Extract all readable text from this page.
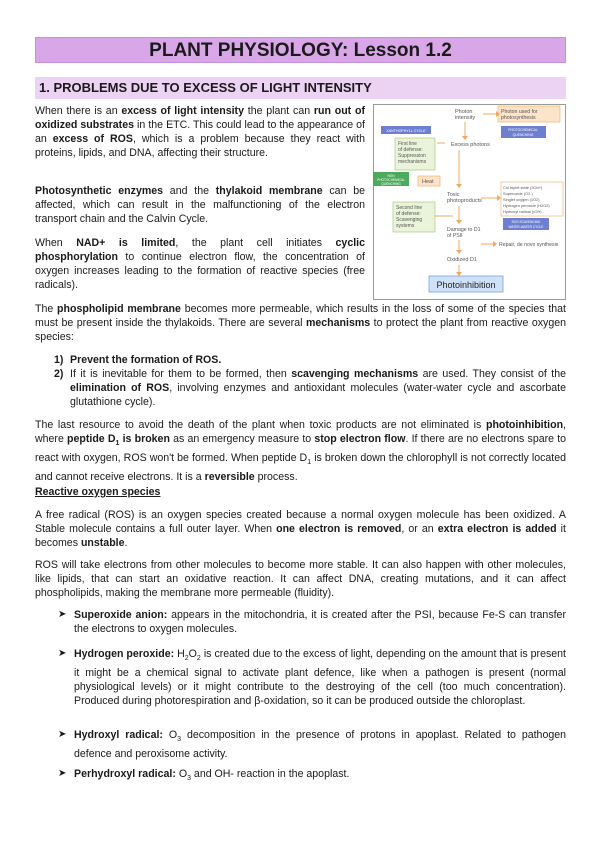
PLANT PHYSIOLOGY: Lesson 1.2
1. PROBLEMS DUE TO EXCESS OF LIGHT INTENSITY

When there is an excess of light intensity the plant can run out of oxidized substrates in the ETC. This could lead to the appearance of an excess of ROS, which is a problem because they react with proteins, lipids, and DNA, affecting their structure.

Photosynthetic enzymes and the thylakoid membrane can be affected, which can result in the malfunctioning of the electron transport chain and the Calvin Cycle.

When NAD+ is limited, the plant cell initiates cyclic phosphorylation to continue electron flow, the concentration of oxygen increases leading to the formation of reactive species (free radicals).

The phospholipid membrane becomes more permeable, which results in the loss of some of the species that must be present inside the thylakoids. There are several mechanisms to protect the plant from reactive oxygen species:

1) Prevent the formation of ROS.
2) If it is inevitable for them to be formed, then scavenging mechanisms are used. They consist of the elimination of ROS, involving enzymes and antioxidant molecules (water-water cycle and ascorbate glutathione cycle).

The last resource to avoid the death of the plant when toxic products are not eliminated is photoinhibition, where peptide $D_1$ is broken as an emergency measure to stop electron flow. If there are no electrons spare to react with oxygen, ROS won't be formed. When peptide $D_1$ is broken down the chlorophyll is not correctly located and cannot receive electrons. It is a reversible process.

Reactive oxygen species

A free radical (ROS) is an oxygen species created because a normal oxygen molecule has been oxidized. A Stable molecule contains a full outer layer. When one electron is removed, or an extra electron is added it becomes unstable.

ROS will take electrons from other molecules to become more stable. It can also happen with other molecules, like lipids, that can start an oxidative reaction. It can affect DNA, creating mutations, and it can affect phospholipids, making the membrane more permeable (fluidity).

➤ Superoxide anion: appears in the mitochondria, it is created after the PSI, because Fe-S can transfer the electrons to oxygen molecules.
➤ Hydrogen peroxide: $H_2O_2$ is created due to the excess of light, depending on the amount that is present it might be a chemical signal to activate plant defence, like when a pathogen is present (normal physiological levels) or it might contribute to the destroying of the cell (too much concentration). Produced during photorespiration and β-oxidation, so it can be produced outside the chloroplast.
➤ Hydroxyl radical: $O_3$ decomposition in the presence of protons in apoplast. Related to pathogen defence and peroxisome activity.
➤ Perhydroxyl radical: $O_3$ and OH- reaction in the apoplast.
Photon intensity
Photon used for photosynthesis
XANTHOPHYLL CYCLE	PHOTOCHEMICAL QUENCHING
First line of defense: Suppression mechanisms
Excess photons
NON PHOTOCHEMICAL QUENCHING	Heat
Toxic photoproducts
Chl triplet state (3Chl*) Superoxide (O2-) Singlet oxygen (1O2) Hydrogen peroxide (H2O2) Hydroxyl radical (•OH)
Second line of defense: Scavenging systems
Damage to D1 of PSII
ROS SCAVENGING WATER-WATER CYCLE
Repair, de novo synthesis
Oxidized D1
Photoinhibition
